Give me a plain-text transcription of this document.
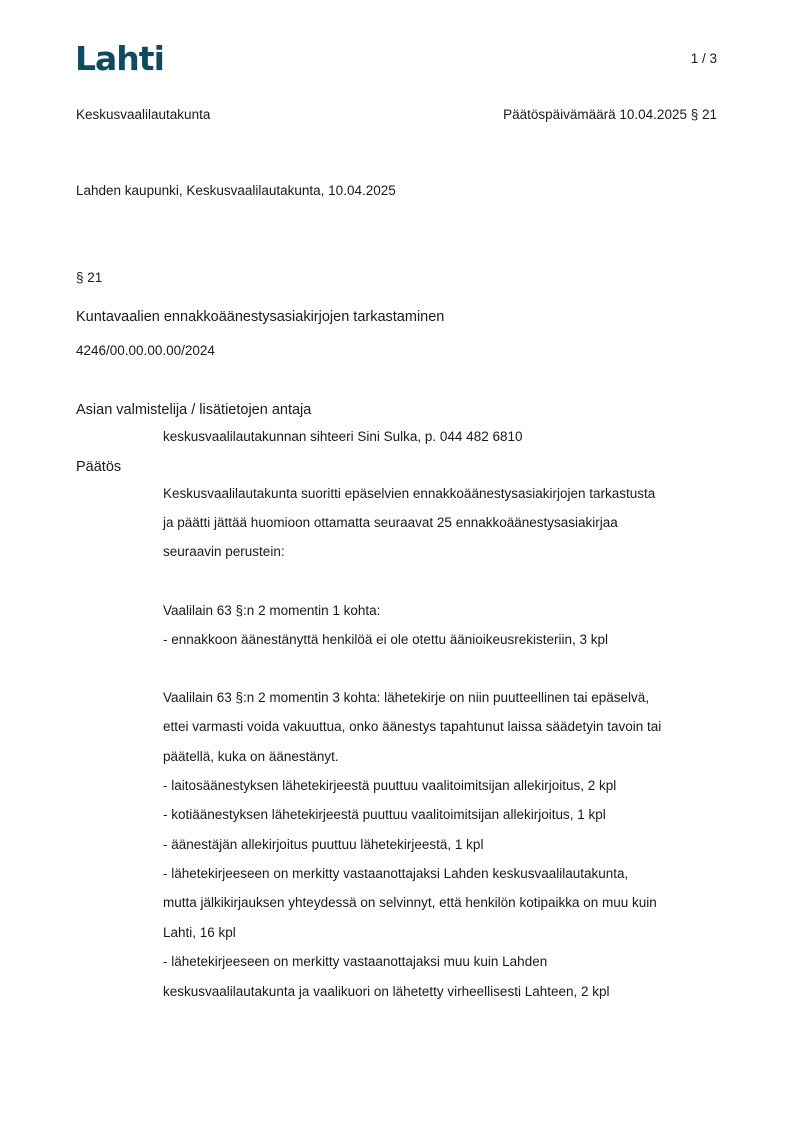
Lahti	1 / 3

Keskusvaalilautakunta	Päätöspäivämäärä 10.04.2025 § 21

Lahden kaupunki, Keskusvaalilautakunta, 10.04.2025

§ 21

Kuntavaalien ennakkoäänestysasiakirjojen tarkastaminen

4246/00.00.00.00/2024

Asian valmistelija / lisätietojen antaja

keskusvaalilautakunnan sihteeri Sini Sulka, p. 044 482 6810

Päätös

Keskusvaalilautakunta suoritti epäselvien ennakkoäänestysasiakirjojen tarkastusta

ja päätti jättää huomioon ottamatta seuraavat 25 ennakkoäänestysasiakirjaa

seuraavin perustein:

Vaalilain 63 §:n 2 momentin 1 kohta:

- ennakkoon äänestänyttä henkilöä ei ole otettu äänioikeusrekisteriin, 3 kpl

Vaalilain 63 §:n 2 momentin 3 kohta: lähetekirje on niin puutteellinen tai epäselvä,

ettei varmasti voida vakuuttua, onko äänestys tapahtunut laissa säädetyin tavoin tai

päätellä, kuka on äänestänyt.

- laitosäänestyksen lähetekirjeestä puuttuu vaalitoimitsijan allekirjoitus, 2 kpl

- kotiäänestyksen lähetekirjeestä puuttuu vaalitoimitsijan allekirjoitus, 1 kpl

- äänestäjän allekirjoitus puuttuu lähetekirjeestä, 1 kpl

- lähetekirjeeseen on merkitty vastaanottajaksi Lahden keskusvaalilautakunta,

mutta jälkikirjauksen yhteydessä on selvinnyt, että henkilön kotipaikka on muu kuin

Lahti, 16 kpl

- lähetekirjeeseen on merkitty vastaanottajaksi muu kuin Lahden

keskusvaalilautakunta ja vaalikuori on lähetetty virheellisesti Lahteen, 2 kpl
